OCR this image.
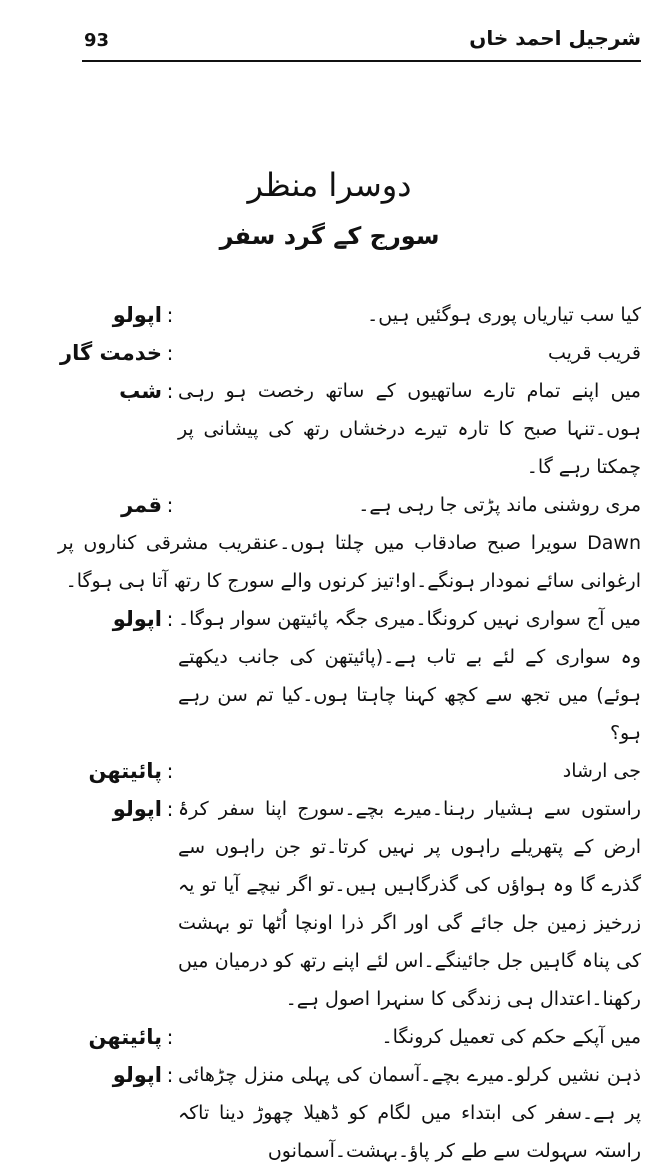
93	شرجیل احمد خاں
دوسرا منظر
سورج کے گرد سفر
اپولو :	کیا سب تیاریاں پوری ہوگئیں ہیں۔
خدمت گار :	قریب قریب
شب : میں اپنے تمام تارے ساتھیوں کے ساتھ رخصت ہو رہی ہوں۔تنہا صبح کا تارہ تیرے درخشاں رتھ کی پیشانی پر چمکتا رہے گا۔
قمر :	مری روشنی ماند پڑتی جا رہی ہے۔
Dawn سویرا صبح صادقاب میں چلتا ہوں۔عنقریب مشرقی کناروں پر ارغوانی سائے نمودار ہونگے۔او!تیز کرنوں والے سورج کا رتھ آتا ہی ہوگا۔
اپولو : میں آج سواری نہیں کرونگا۔میری جگہ پائیتھن سوار ہوگا۔وہ سواری کے لئے بے تاب ہے۔(پائیتھن کی جانب دیکھتے ہوئے) میں تجھ سے کچھ کہنا چاہتا ہوں۔کیا تم سن رہے ہو؟
پائیتھن :	جی ارشاد
اپولو : راستوں سے ہشیار رہنا۔میرے بچے۔سورج اپنا سفر کرۂ ارض کے پتھریلے راہوں پر نہیں کرتا۔تو جن راہوں سے گذرے گا وہ ہواؤں کی گذرگاہیں ہیں۔تو اگر نیچے آیا تو یہ زرخیز زمین جل جائے گی اور اگر ذرا اونچا اُٹھا تو بہشت کی پناہ گاہیں جل جائینگے۔اس لئے اپنے رتھ کو درمیان میں رکھنا۔اعتدال ہی زندگی کا سنہرا اصول ہے۔
پائیتھن :	میں آپکے حکم کی تعمیل کرونگا۔
اپولو : ذہن نشیں کرلو۔میرے بچے۔آسمان کی پہلی منزل چڑھائی پر ہے۔سفر کی ابتداء میں لگام کو ڈھیلا چھوڑ دینا تاکہ راستہ سہولت سے طے کر پاؤ۔بہشت۔آسمانوں
